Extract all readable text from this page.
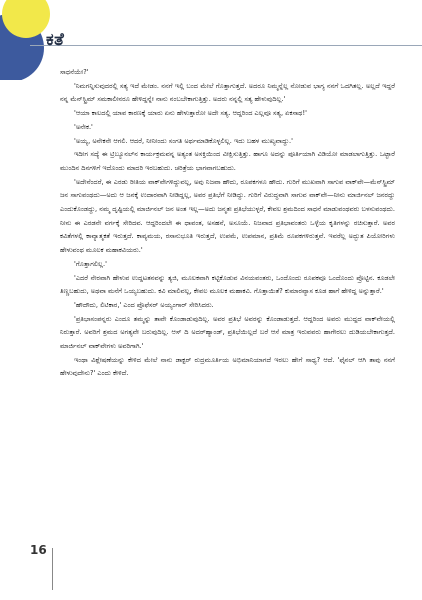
ಕತೆ

ಸಾಧನೆಯೇ?'

'ನಿಮಗನ್ನಿಸುವುದರಲ್ಲಿ ಸತ್ಯ ಇದೆ ಮೇಡಂ. ನನಗೆ ಇಲ್ಲಿ ಬಂದ ಮೇಲೆ ಗೊತ್ತಾಗುತ್ತದೆ. ಅದರೂ ನಿಮ್ಮನ್ನೆಲ್ಲ ನೋಡುವ ಭಾಗ್ಯ ನನಗೆ ಒದಗಿತಲ್ಲ. ಅಲ್ಲದೆ ಇದ್ದರೆ ನನ್ನ ಮೆನ್‌ಸ್ಟ್ರಿಮ್ ಸಮಕಾಲೀನರೂ ಹೇಳಿದ್ದನ್ನೇ ನಾನು ನಂಬಬೇಕಾಗುತ್ತಿತ್ತು. ಅದರು ನನ್ನಲ್ಲಿ ಸತ್ಯ ಹೇಳುವುದಿಲ್ಲ.'

'ಆಯಾ ಕಾಲದಲ್ಲಿ ಯಾವ ಕಾರಣಕ್ಕೆ ಯಾರು ಏನು ಹೇಳುತ್ತಾರೋ ಅದೇ ಸತ್ಯ. ಆದ್ದರಿಂದ ಎಲ್ಲವೂ ಸತ್ಯ, ಏಕಸಾಥ!'

'ಅನೇಕ.'

'ಅಯ್ಯ, ಅನೇಕನೇ ಆಗಲಿ. ಆದರೆ, ನೀನೀಂದು ಸಂಗತಿ ಅರ್ಥಮಾಡಿಕೊಳ್ಳಲಿಲ್ಲ. ಇದು ಬಹಳ ಮುಖ್ಯವಾದ್ದು.'

ಇದೀಗ ಸದ್ಯೆ ಈ ಟ್ರಿಬ್ಯೂನಲ್‌ನ ಕಾರ್ಯಕ್ರಮವನ್ನ ಅತ್ಯಂತ ಅಸಕ್ತಿಯಿಂದ ವೀಕ್ಷಿಸುತ್ತಿತ್ತು. ಹಾಗೂ ಅದನ್ನು ಪೂರ್ತಿಯಾಗಿ ವಿಡಿಯೋ ಮಾಡಲಾಗುತ್ತಿತ್ತು. ಒಟ್ಟಾರೆ ಮುಂದಿನ ದಿನಗಳಿಗೆ ಇದೊಂದು ಮಾದರಿ ಇರಬಹುದು. ಚರಿತ್ರೆಯ ಭಾಗವಾಗಬಹುದು.

'ಅದೇನೆಂದರೆ, ಈ ಎರಡು ರೀತಿಯ ವಾಕ್‌ವೇಗಳಿದ್ದುವಲ್ಲ, ಅವು ನಿಜವಾ ಹೌದು, ರೂಪಕಗಳೂ ಹೌದು. ಗುರಿಗೆ ಮುಖವಾಗಿ ಸಾಗುವ ವಾಕ್‌ವೇ—ಮೆನ್‌ಸ್ಟ್ರಿಮ್‌ ಜನ ಸಾಗುವಂಥದು—ಅದು ಆ ಜನಕ್ಕೆ ಉದಾರವಾಗಿ ನೀಡಿದ್ದಲ್ಲ, ಅವರ ಪ್ರತಿಭೆಗೆ ನೀಡಿದ್ದು. ಗುರಿಗೆ ವಿರುದ್ಧವಾಗಿ ಸಾಗುವ ವಾಕ್‌ವೇ—ನೀನು ಮಾರ್ಜಿನಲ್ ಜನರದ್ದು ಎಂದುಕೊಂಡದ್ದು, ನಮ್ಮ ದೃಷ್ಟಿಯಲ್ಲಿ ಮಾರ್ಜಿನಲ್ ಜನ ಅಂತ ಇಲ್ಲ—ಅದು ಜನ್ಮತಃ ಪ್ರತಿಭೆಯುಳ್ಳರೆ, ಕೇವಲ ಶ್ರಮದಿಂದ ಸಾಧನೆ ಮಾಡುವಂಥವರು ಬಳಸುವಂಥದು. ನೀನು ಈ ಎರಡನೇ ವರ್ಗಕ್ಕೆ ಸೇರಿದವ. ಆದ್ದರಿಂದಲೇ ಈ ಧಾವಂತ, ಅಸಹನೆ, ಅಸೂಯೆ. ನಿಜವಾದ ಪ್ರತಿಭಾವಂತರು ಒಳ್ಳೆಯ ಕೃತಿಗಳನ್ನು ರಚಿಸುತ್ತಾರೆ. ಅವರ ಕವಿತೆಗಳಲ್ಲಿ ಕಾವ್ಯಾತ್ಮಕತೆ ಇರುತ್ತದೆ. ಕಾವ್ಯಮಯ, ರಸಾನುಭೂತಿ ಇರುತ್ತದೆ, ಉಪಮೆ, ಉಪಮಾನ, ಪ್ರತಿಮೆ ರೂಪಕಗಳಿರುತ್ತವೆ. ಇವರೆಲ್ಲ ಅದ್ಭುತ ಪಿಯೋರಿಗಳು ಹೇಳುವಂಥ ಮೂಲಕ ಮಹಾಕವಿಯರು.'

'ಗೊತ್ತಾಗಲಿಲ್ಲ.'

'ಎದರೆ ನೇರವಾಗಿ ಹೇಳುವ ಉದ್ದಟತನವನ್ನು ತ್ಯಜಿ, ಮೂಲಕವಾಗಿ ಕಟ್ಟಿಕೊಡುವ ವಿನಯವಂತರು, ಒಂದೊಂದು ರೂಪಕವೂ ಒಂದೊಂದು ಪ್ರೊಟ್ಟಿನ. ಕೂಡಲೇ ತಿಣ್ಣಬಹುದು, ಅಥವಾ ಮನೆಗೆ ಒಯ್ಯಬಹುದು. ಕವಿ ಮಾಲಿವಲ್ಲ, ಕೇವಲ ಮೂಲಕ ಮಹಾಕವಿ. ಗೊತ್ತಾಯಿತೆ? ಕುಮಾರವ್ಯಾಸ ಕೂಡ ಹಾಗೆ ಹೇಳಿದ್ದ ಅನ್ನುತ್ತಾರೆ.'

'ಹೌದೌದು, ಲಿಟಿಕಾರ,' ಎಂದ ಪ್ರೊಫೆಸರ್ ಅಯ್ಯಂಗಾರ್ ಸೇರಿಸಿದರು.

'ಪ್ರತಿಭಾಸಂಪನ್ನರು ಎಂದೂ ತಮ್ಮನ್ನು ತಾವೇ ಕೊಂಡಾಡುವುದಿಲ್ಲ. ಅವರ ಪ್ರತಿಭೆ ಅವರನ್ನು ಕೊಂಡಾಡುತ್ತದೆ. ಆದ್ದರಿಂದ ಅವರು ಮುದ್ದದ ವಾಕ್‌ವೇಯಲ್ಲಿ ನಿರುತ್ತಾರೆ. ಅವರಿಗೆ ಶ್ರಮದ ಅಗತ್ಯವೇ ಬರುವುದಿಲ್ಲ. ಆಸ್ ದಿ ಅದರ್‌ಹ್ಯಾಂಡ್, ಪ್ರತಿಭೆಯಿಲ್ಲದೆ ಬರೆ ಆಸೆ ಮಾತ್ರ ಇರುವವರು ಹಾಗೇರಲು ದುಡಿಯಬೇಕಾಗುತ್ತದೆ. ಮಾರ್ಜಿನಲ್ ವಾಕ್‌ವೇಗಳು ಅವರಿಗಾಗಿ.'

ಇಂಥಾ ವಿಶ್ಲೇಷಣೆಯನ್ನು ಕೇಳಿದ ಮೇಲೆ ನಾನು ಡಾಕ್ಟರ್ ರುದ್ರಮೂರ್ತಿಯ ಅಭಿಮಾನಿಯಾಗದೆ ಇರಲು ಹೇಗೆ ಸಾಧ್ಯ? ಆದೆ. 'ಫೈನಲ್ ಆಗಿ ತಾವು ನನಗೆ ಹೇಳುವುದೇನು?' ಎಂದು ಕೇಳಿದೆ.

16
